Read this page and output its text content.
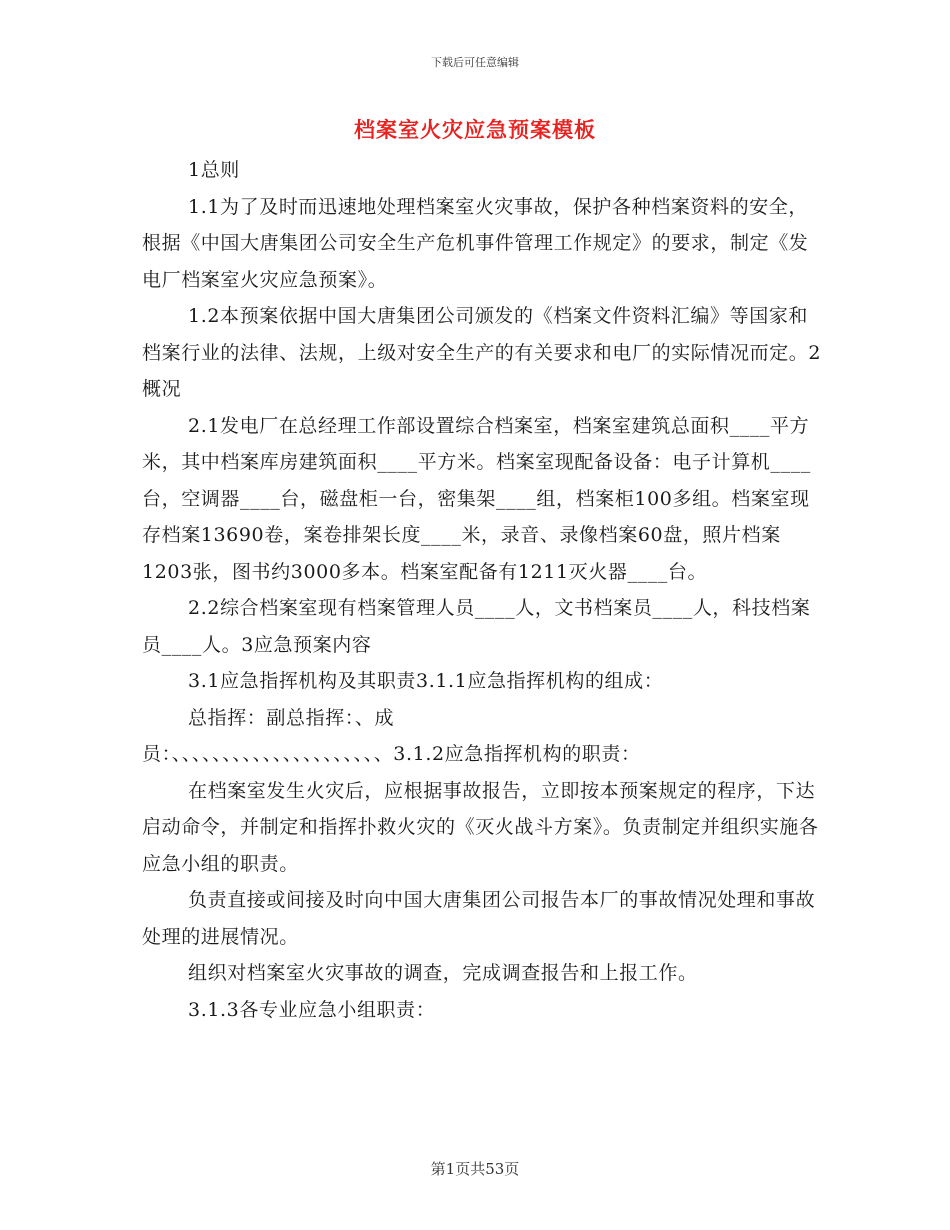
下载后可任意编辑
档案室火灾应急预案模板

1总则

1.1为了及时而迅速地处理档案室火灾事故，保护各种档案资料的安全，根据《中国大唐集团公司安全生产危机事件管理工作规定》的要求，制定《发电厂档案室火灾应急预案》。

1.2本预案依据中国大唐集团公司颁发的《档案文件资料汇编》等国家和档案行业的法律、法规，上级对安全生产的有关要求和电厂的实际情况而定。2概况

2.1发电厂在总经理工作部设置综合档案室，档案室建筑总面积____平方米，其中档案库房建筑面积____平方米。档案室现配备设备：电子计算机____台，空调器____台，磁盘柜一台，密集架____组，档案柜100多组。档案室现存档案13690卷，案卷排架长度____米，录音、录像档案60盘，照片档案1203张，图书约3000多本。档案室配备有1211灭火器____台。

2.2综合档案室现有档案管理人员____人，文书档案员____人，科技档案员____人。3应急预案内容

3.1应急指挥机构及其职责3.1.1应急指挥机构的组成：

总指挥：副总指挥：、成

员：、、、、、、、、、、、、、、、、、、、、、3.1.2应急指挥机构的职责：

在档案室发生火灾后，应根据事故报告，立即按本预案规定的程序，下达启动命令，并制定和指挥扑救火灾的《灭火战斗方案》。负责制定并组织实施各应急小组的职责。

负责直接或间接及时向中国大唐集团公司报告本厂的事故情况处理和事故处理的进展情况。

组织对档案室火灾事故的调查，完成调查报告和上报工作。

3.1.3各专业应急小组职责：

第1页共53页
